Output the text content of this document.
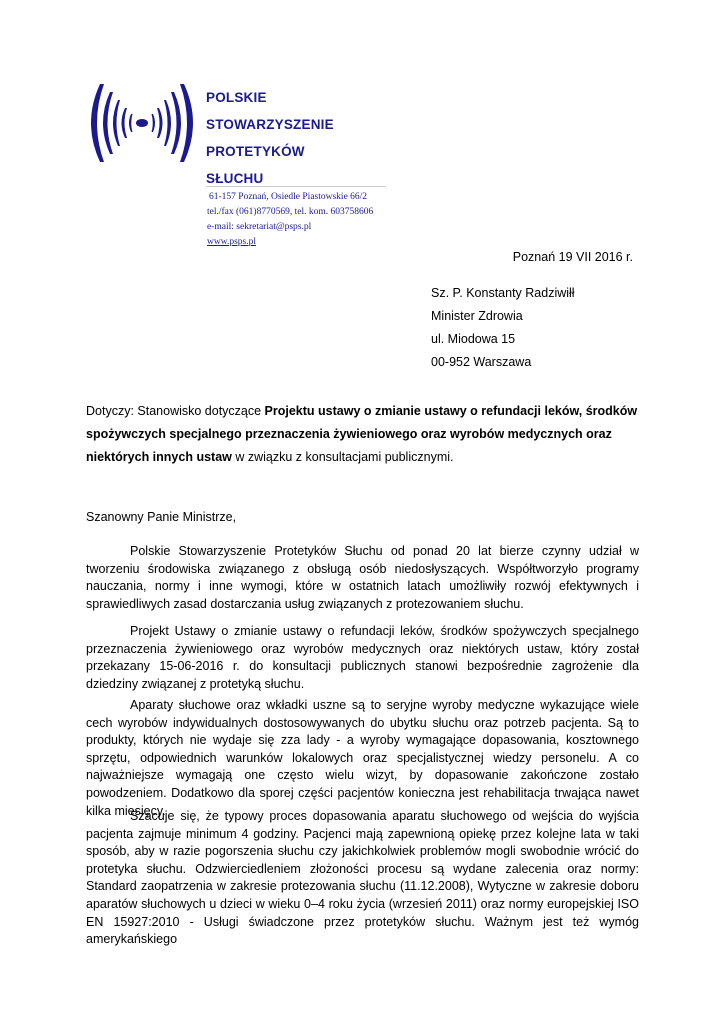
POLSKIE
STOWARZYSZENIE
PROTETYKÓW
SŁUCHU
61-157 Poznań, Osiedle Piastowskie 66/2
tel./fax (061)8770569, tel. kom. 603758606
e-mail: sekretariat@psps.pl
www.psps.pl
Poznań 19 VII 2016 r.
Sz. P. Konstanty Radziwiłł
Minister Zdrowia
ul. Miodowa 15
00-952 Warszawa
Dotyczy: Stanowisko dotyczące Projektu ustawy o zmianie ustawy o refundacji leków, środków spożywczych specjalnego przeznaczenia żywieniowego oraz wyrobów medycznych oraz niektórych innych ustaw w związku z konsultacjami publicznymi.
Szanowny Panie Ministrze,

Polskie Stowarzyszenie Protetyków Słuchu od ponad 20 lat bierze czynny udział w tworzeniu środowiska związanego z obsługą osób niedosłyszących. Współtworzyło programy nauczania, normy i inne wymogi, które w ostatnich latach umożliwiły rozwój efektywnych i sprawiedliwych zasad dostarczania usług związanych z protezowaniem słuchu.

Projekt Ustawy o zmianie ustawy o refundacji leków, środków spożywczych specjalnego przeznaczenia żywieniowego oraz wyrobów medycznych oraz niektórych ustaw, który został przekazany 15-06-2016 r. do konsultacji publicznych stanowi bezpośrednie zagrożenie dla dziedziny związanej z protetyką słuchu.

Aparaty słuchowe oraz wkładki uszne są to seryjne wyroby medyczne wykazujące wiele cech wyrobów indywidualnych dostosowywanych do ubytku słuchu oraz potrzeb pacjenta. Są to produkty, których nie wydaje się zza lady - a wyroby wymagające dopasowania, kosztownego sprzętu, odpowiednich warunków lokalowych oraz specjalistycznej wiedzy personelu. A co najważniejsze wymagają one często wielu wizyt, by dopasowanie zakończone zostało powodzeniem. Dodatkowo dla sporej części pacjentów konieczna jest rehabilitacja trwająca nawet kilka miesięcy.

Szacuje się, że typowy proces dopasowania aparatu słuchowego od wejścia do wyjścia pacjenta zajmuje minimum 4 godziny. Pacjenci mają zapewnioną opiekę przez kolejne lata w taki sposób, aby w razie pogorszenia słuchu czy jakichkolwiek problemów mogli swobodnie wrócić do protetyka słuchu. Odzwierciedleniem złożoności procesu są wydane zalecenia oraz normy: Standard zaopatrzenia w zakresie protezowania słuchu (11.12.2008), Wytyczne w zakresie doboru aparatów słuchowych u dzieci w wieku 0–4 roku życia (wrzesień 2011) oraz normy europejskiej ISO EN 15927:2010 - Usługi świadczone przez protetyków słuchu. Ważnym jest też wymóg amerykańskiego
